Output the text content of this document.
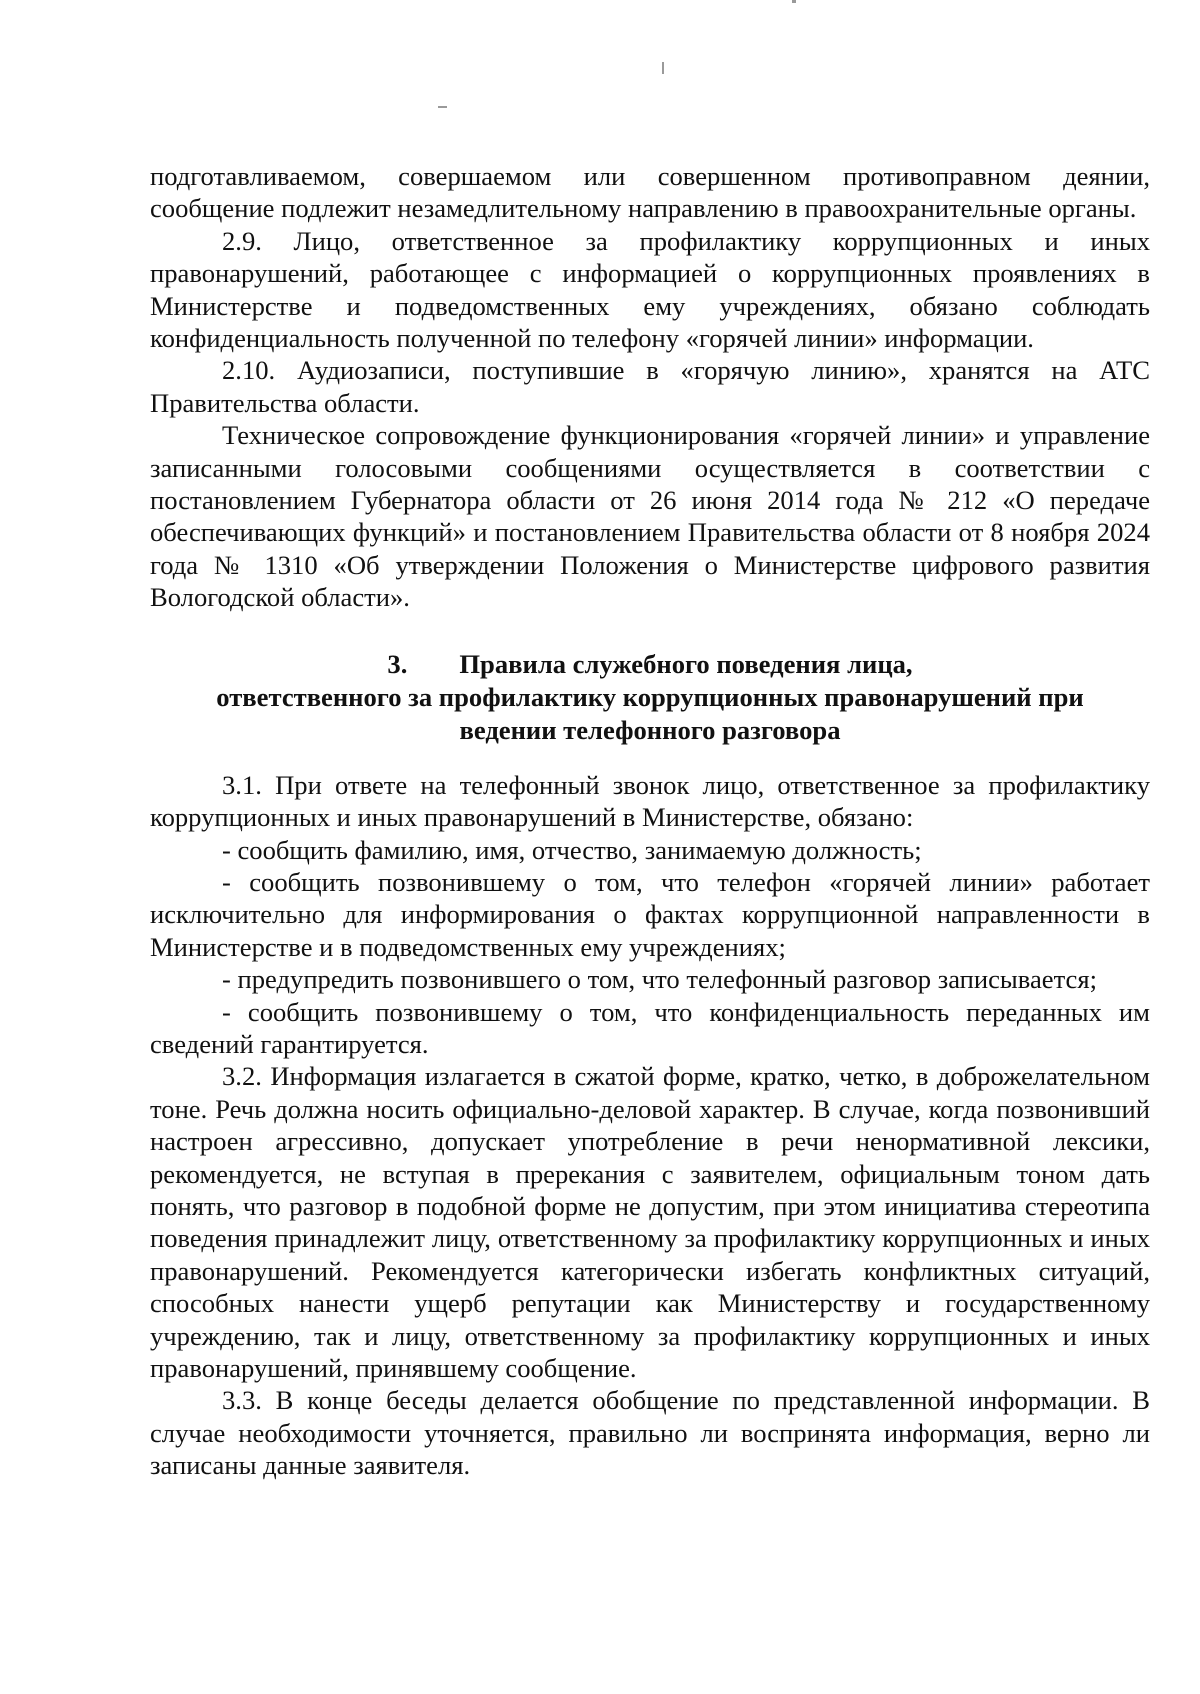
подготавливаемом, совершаемом или совершенном противоправном деянии, сообщение подлежит незамедлительному направлению в правоохранительные органы.

2.9. Лицо, ответственное за профилактику коррупционных и иных правонарушений, работающее с информацией о коррупционных проявлениях в Министерстве и подведомственных ему учреждениях, обязано соблюдать конфиденциальность полученной по телефону «горячей линии» информации.

2.10. Аудиозаписи, поступившие в «горячую линию», хранятся на АТС Правительства области.

Техническое сопровождение функционирования «горячей линии» и управление записанными голосовыми сообщениями осуществляется в соответствии с постановлением Губернатора области от 26 июня 2014 года № 212 «О передаче обеспечивающих функций» и постановлением Правительства области от 8 ноября 2024 года № 1310 «Об утверждении Положения о Министерстве цифрового развития Вологодской области».

3. Правила служебного поведения лица,
ответственного за профилактику коррупционных правонарушений при
ведении телефонного разговора

3.1. При ответе на телефонный звонок лицо, ответственное за профилактику коррупционных и иных правонарушений в Министерстве, обязано:

- сообщить фамилию, имя, отчество, занимаемую должность;

- сообщить позвонившему о том, что телефон «горячей линии» работает исключительно для информирования о фактах коррупционной направленности в Министерстве и в подведомственных ему учреждениях;

- предупредить позвонившего о том, что телефонный разговор записывается;

- сообщить позвонившему о том, что конфиденциальность переданных им сведений гарантируется.

3.2. Информация излагается в сжатой форме, кратко, четко, в доброжелательном тоне. Речь должна носить официально-деловой характер. В случае, когда позвонивший настроен агрессивно, допускает употребление в речи ненормативной лексики, рекомендуется, не вступая в пререкания с заявителем, официальным тоном дать понять, что разговор в подобной форме не допустим, при этом инициатива стереотипа поведения принадлежит лицу, ответственному за профилактику коррупционных и иных правонарушений. Рекомендуется категорически избегать конфликтных ситуаций, способных нанести ущерб репутации как Министерству и государственному учреждению, так и лицу, ответственному за профилактику коррупционных и иных правонарушений, принявшему сообщение.

3.3. В конце беседы делается обобщение по представленной информации. В случае необходимости уточняется, правильно ли воспринята информация, верно ли записаны данные заявителя.
